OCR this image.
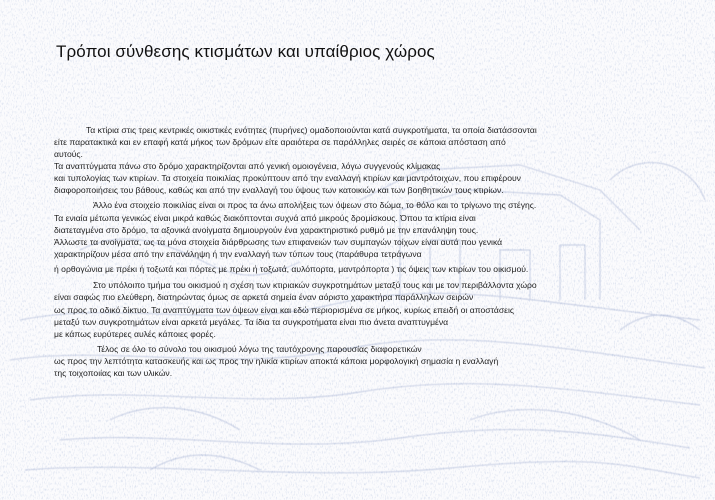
Τρόποι σύνθεσης κτισμάτων και υπαίθριος χώρος
Τα κτίρια στις τρεις κεντρικές οικιστικές ενότητες (πυρήνες) ομαδοποιούνται κατά συγκροτήματα, τα οποία διατάσσονται
είτε παρατακτικά και εν επαφή κατά μήκος των δρόμων είτε αραιότερα σε παράλληλες σειρές σε κάποια απόσταση από
αυτούς.
Τα αναπτύγματα πάνω στο δρόμο χαρακτηρίζονται από γενική ομοιογένεια, λόγω συγγενούς κλίμακας
και τυπολογίας των κτιρίων. Τα στοιχεία ποικιλίας προκύπτουν από την εναλλαγή κτιρίων και μαντρότοιχων, που επιφέρουν
διαφοροποιήσεις του βάθους, καθώς και από την εναλλαγή του ύψους των κατοικιών και των βοηθητικών τους κτιρίων.
Άλλο ένα στοιχείο ποικιλίας είναι οι προς τα άνω απολήξεις των όψεων στο δώμα, το θόλο και το τρίγωνο της στέγης.
Τα ενιαία μέτωπα γενικώς είναι μικρά καθώς διακόπτονται συχνά από μικρούς δρομίσκους. Όπου τα κτίρια είναι
διατεταγμένα στο δρόμο, τα αξονικά ανοίγματα δημιουργούν ένα χαρακτηριστικό ρυθμό με την επανάληψη τους.
Άλλωστε τα ανοίγματα, ως τα μόνα στοιχεία διάρθρωσης των επιφανειών των συμπαγών τοίχων είναι αυτά που γενικά
χαρακτηρίζουν μέσα από την επανάληψη ή την εναλλαγή των τύπων τους (παράθυρα τετράγωνα
ή ορθογώνια με πρέκι ή τοξωτά και πόρτες με πρέκι ή τοξωτά, αυλόπορτα, μαντρόπορτα ) τις όψεις των κτιρίων του οικισμού.
Στο υπόλοιπο τμήμα του οικισμού η σχέση των κτιριακών συγκροτημάτων μεταξύ τους και με τον περιβάλλοντα χώρο
είναι σαφώς πιο ελεύθερη, διατηρώντας όμως σε αρκετά σημεία έναν αόριστο χαρακτήρα παράλληλων σειρών
ως προς το οδικό δίκτυο. Τα αναπτύγματα των όψεων είναι και εδώ περιορισμένα σε μήκος, κυρίως επειδή οι αποστάσεις
μεταξύ των συγκροτημάτων είναι αρκετά μεγάλες. Τα ίδια τα συγκροτήματα είναι πιο άνετα αναπτυγμένα
με κάπως ευρύτερες αυλές κάποιες φορές.
Τέλος σε όλο το σύνολο του οικισμού λόγω της ταυτόχρονης παρουσίας διαφορετικών
ως προς την λεπτότητα κατασκευής και ως προς την ηλικία κτιρίων αποκτά κάποια μορφολογική σημασία η εναλλαγή
της τοιχοποιίας και των υλικών.
